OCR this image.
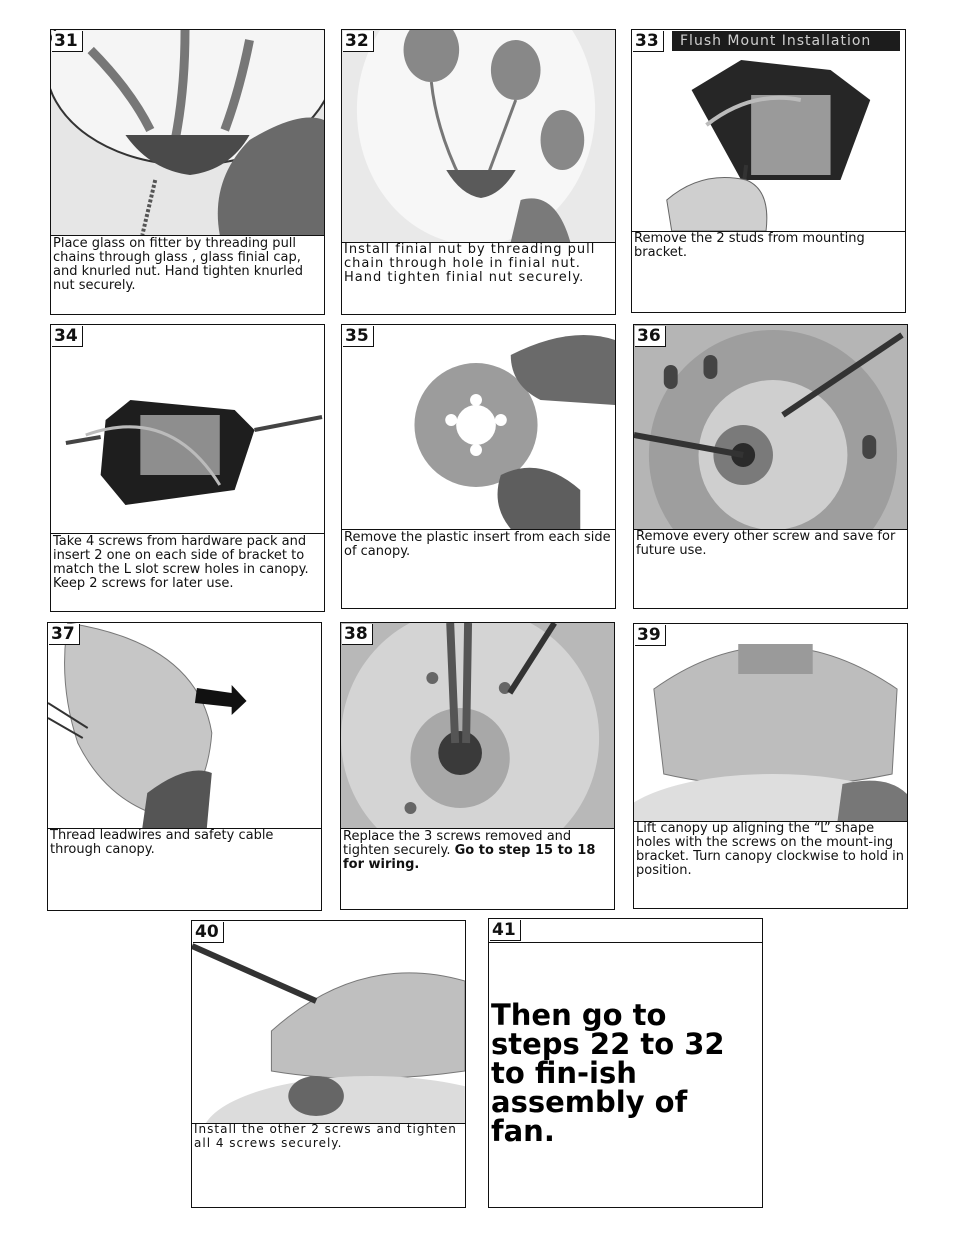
31
Place glass on fitter by threading pull chains through glass , glass finial cap, and knurled nut. Hand tighten knurled nut securely.
32
Install finial nut by threading pull chain through hole in finial nut. Hand tighten finial nut securely.
33	Flush Mount Installation
Remove the 2 studs from mounting bracket.
34
Take 4 screws from hardware pack and insert 2 one on each side of bracket to match the L slot screw holes in canopy. Keep 2 screws for later use.
35
Remove the plastic insert from each side of canopy.
36
Remove every other screw and save for future use.
37
Thread leadwires and safety cable through canopy.
38
Replace the 3 screws removed and tighten securely. Go to step 15 to 18 for wiring.
39
Lift canopy up aligning the “L” shape holes with the screws on the mount-ing bracket. Turn canopy clockwise to hold in position.
40
Install the other 2 screws and tighten all 4 screws securely.
41
Then go to steps 22 to 32 to fin-ish assembly of fan.
